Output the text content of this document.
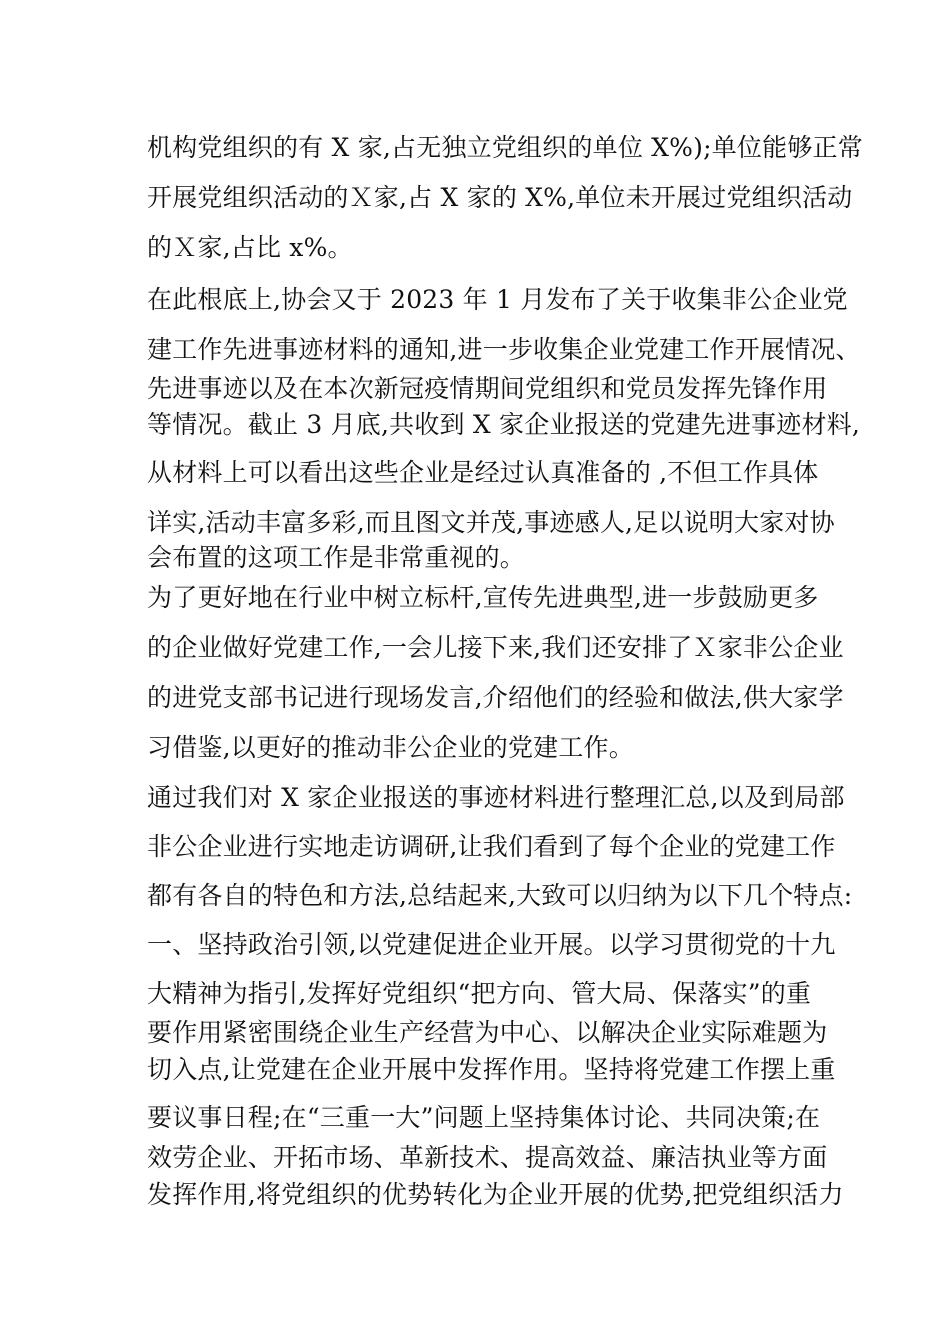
机构党组织的有 X 家,占无独立党组织的单位 X%);单位能够正常
开展党组织活动的Ｘ家,占 X 家的 X%,单位未开展过党组织活动
的Ｘ家,占比 x%。
在此根底上,协会又于 2023 年 1 月发布了关于收集非公企业党
建工作先进事迹材料的通知,进一步收集企业党建工作开展情况、
先进事迹以及在本次新冠疫情期间党组织和党员发挥先锋作用
等情况。截止 3 月底,共收到 X 家企业报送的党建先进事迹材料,
从材料上可以看出这些企业是经过认真准备的 ,不但工作具体
详实,活动丰富多彩,而且图文并茂,事迹感人,足以说明大家对协
会布置的这项工作是非常重视的。
为了更好地在行业中树立标杆,宣传先进典型,进一步鼓励更多
的企业做好党建工作,一会儿接下来,我们还安排了Ｘ家非公企业
的进党支部书记进行现场发言,介绍他们的经验和做法,供大家学
习借鉴,以更好的推动非公企业的党建工作。
通过我们对 X 家企业报送的事迹材料进行整理汇总,以及到局部
非公企业进行实地走访调研,让我们看到了每个企业的党建工作
都有各自的特色和方法,总结起来,大致可以归纳为以下几个特点:
一、坚持政治引领,以党建促进企业开展。以学习贯彻党的十九
大精神为指引,发挥好党组织“把方向、管大局、保落实”的重
要作用紧密围绕企业生产经营为中心、以解决企业实际难题为
切入点,让党建在企业开展中发挥作用。坚持将党建工作摆上重
要议事日程;在“三重一大”问题上坚持集体讨论、共同决策;在
效劳企业、开拓市场、革新技术、提高效益、廉洁执业等方面
发挥作用,将党组织的优势转化为企业开展的优势,把党组织活力
